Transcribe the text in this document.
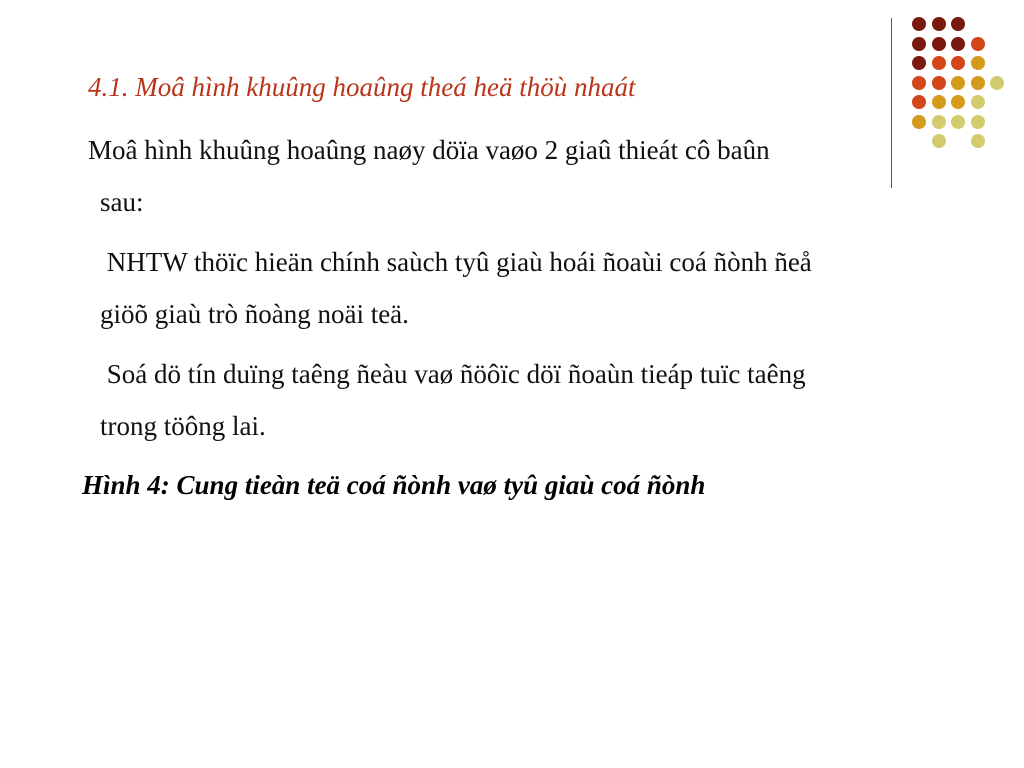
4.1. Moâ hình khuûng hoaûng theá heä thöù nhaát
Moâ hình khuûng hoaûng naøy döïa vaøo 2 giaû thieát cô baûn
sau:
NHTW thöïc hieän chính saùch tyû giaù hoái ñoaùi coá ñònh ñeå
giöõ giaù trò ñoàng noäi teä.
Soá dö tín duïng taêng ñeàu vaø ñöôïc döï ñoaùn tieáp tuïc taêng
trong töông lai.
Hình 4: Cung tieàn teä coá ñònh vaø tyû giaù coá ñònh
